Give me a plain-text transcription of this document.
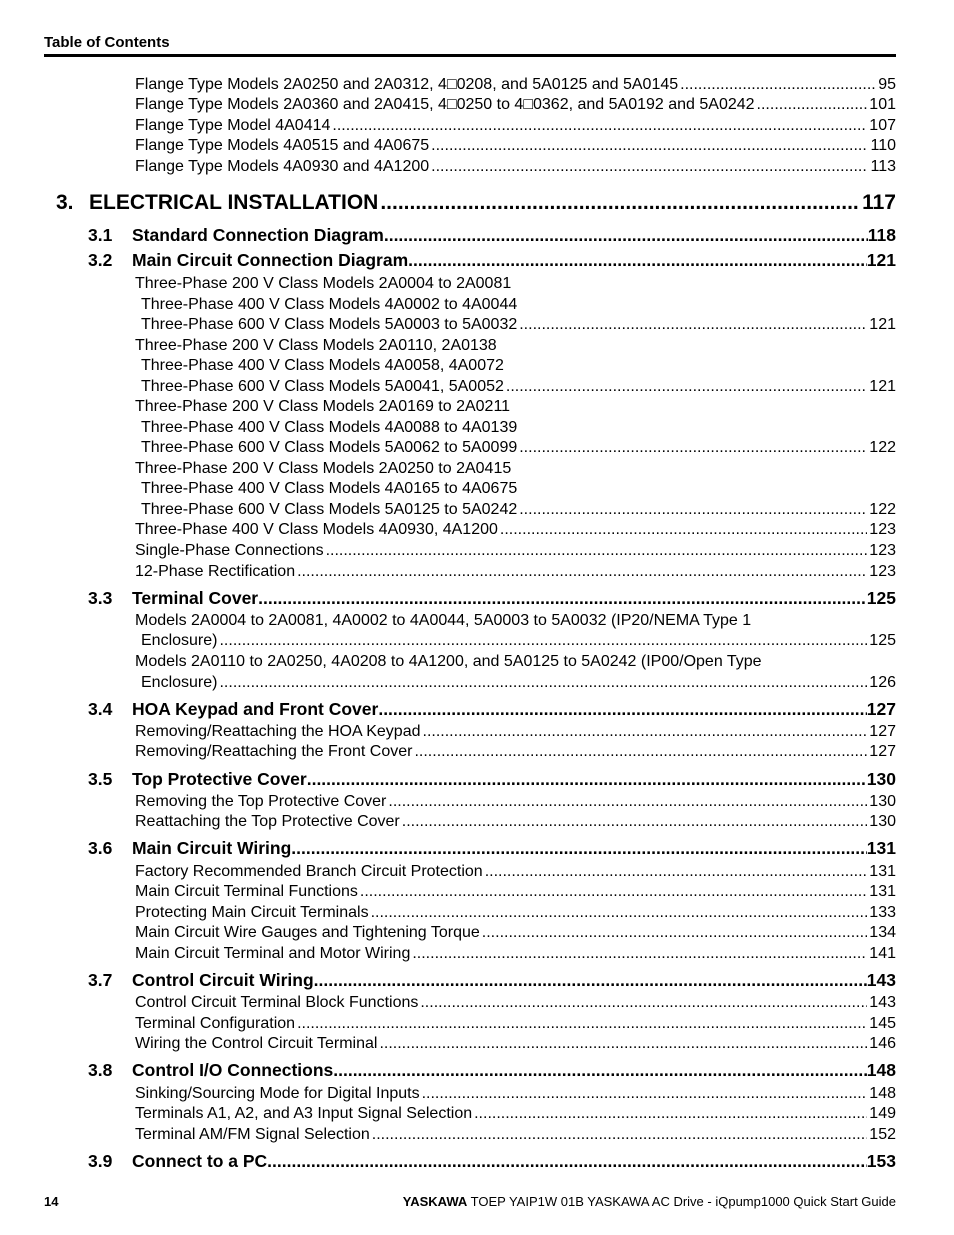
Table of Contents
Flange Type Models 2A0250 and 2A0312, 4□0208, and 5A0125 and 5A0145 .....	95
Flange Type Models 2A0360 and 2A0415, 4□0250 to 4□0362, and 5A0192 and 5A0242 .....	101
Flange Type Model 4A0414 .....	107
Flange Type Models 4A0515 and 4A0675 .....	110
Flange Type Models 4A0930 and 4A1200 .....	113
3. ELECTRICAL INSTALLATION .....	117
3.1	Standard Connection Diagram .....	118
3.2	Main Circuit Connection Diagram .....	121
Three-Phase 200 V Class Models 2A0004 to 2A0081
Three-Phase 400 V Class Models 4A0002 to 4A0044
Three-Phase 600 V Class Models 5A0003 to 5A0032 .....	121
Three-Phase 200 V Class Models 2A0110, 2A0138
Three-Phase 400 V Class Models 4A0058, 4A0072
Three-Phase 600 V Class Models 5A0041, 5A0052 .....	121
Three-Phase 200 V Class Models 2A0169 to 2A0211
Three-Phase 400 V Class Models 4A0088 to 4A0139
Three-Phase 600 V Class Models 5A0062 to 5A0099 .....	122
Three-Phase 200 V Class Models 2A0250 to 2A0415
Three-Phase 400 V Class Models 4A0165 to 4A0675
Three-Phase 600 V Class Models 5A0125 to 5A0242 .....	122
Three-Phase 400 V Class Models 4A0930, 4A1200 .....	123
Single-Phase Connections .....	123
12-Phase Rectification .....	123
3.3	Terminal Cover .....	125
Models 2A0004 to 2A0081, 4A0002 to 4A0044, 5A0003 to 5A0032 (IP20/NEMA Type 1
Enclosure) .....	125
Models 2A0110 to 2A0250, 4A0208 to 4A1200, and 5A0125 to 5A0242 (IP00/Open Type
Enclosure) .....	126
3.4	HOA Keypad and Front Cover .....	127
Removing/Reattaching the HOA Keypad .....	127
Removing/Reattaching the Front Cover .....	127
3.5	Top Protective Cover .....	130
Removing the Top Protective Cover .....	130
Reattaching the Top Protective Cover .....	130
3.6	Main Circuit Wiring .....	131
Factory Recommended Branch Circuit Protection .....	131
Main Circuit Terminal Functions .....	131
Protecting Main Circuit Terminals .....	133
Main Circuit Wire Gauges and Tightening Torque .....	134
Main Circuit Terminal and Motor Wiring .....	141
3.7	Control Circuit Wiring .....	143
Control Circuit Terminal Block Functions .....	143
Terminal Configuration .....	145
Wiring the Control Circuit Terminal .....	146
3.8	Control I/O Connections .....	148
Sinking/Sourcing Mode for Digital Inputs .....	148
Terminals A1, A2, and A3 Input Signal Selection .....	149
Terminal AM/FM Signal Selection .....	152
3.9	Connect to a PC .....	153
14	YASKAWA TOEP YAIP1W 01B YASKAWA AC Drive - iQpump1000 Quick Start Guide
